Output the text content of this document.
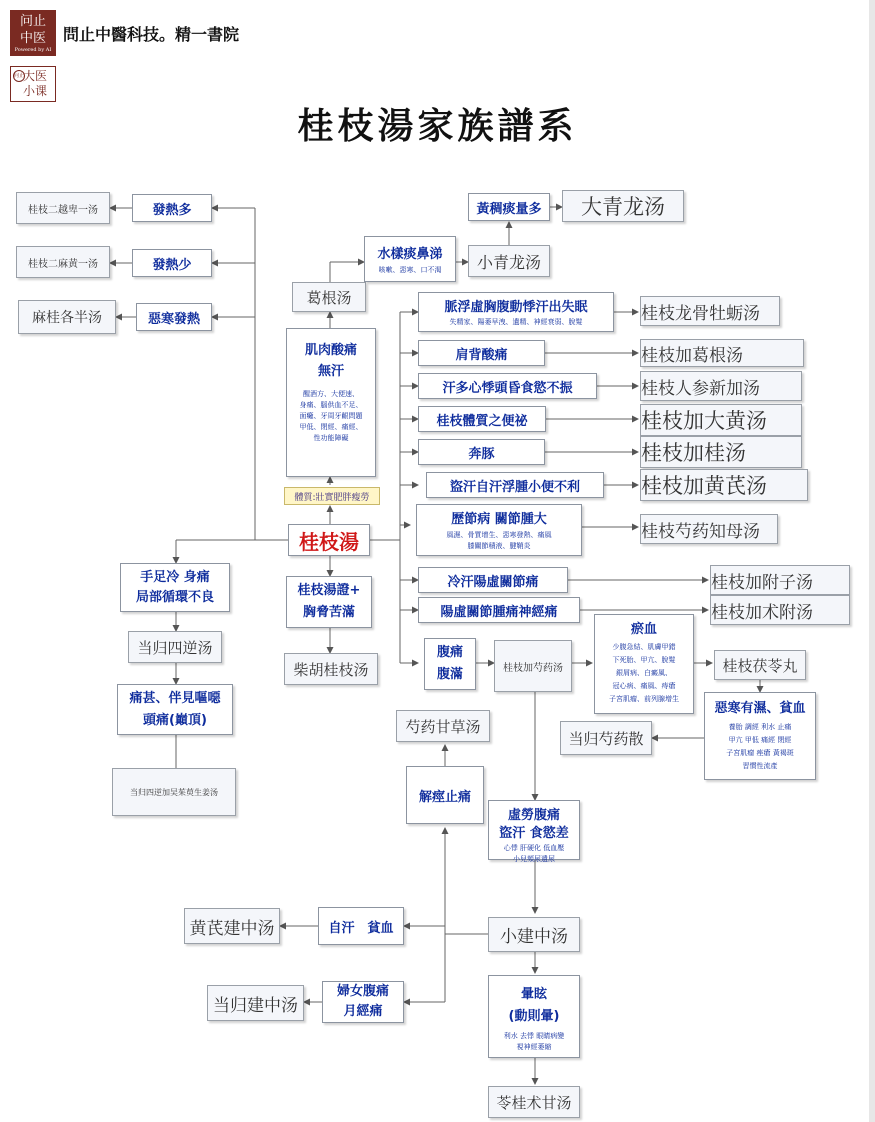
问止
中医
Powered by AI
問止中醫科技。精一書院
问止
大医
小课
桂枝湯家族譜系
桂枝湯
體質:壯實肥胖瘦勞
發熱多
桂枝二越卑一汤
發熱少
桂枝二麻黄一汤
惡寒發熱
麻桂各半汤
手足冷 身痛
局部循環不良
当归四逆汤
痛甚、伴見嘔噁
頭痛(巔頂)
当归四逆加吴茱萸生姜汤
葛根汤
肌肉酸痛
無汗
醒酒方、大便速、
身痛、腦供血不足、
面癱、牙周牙齦問題
甲低、閉經、痛經、
性功能障礙
水樣痰鼻涕
咳嗽、惡寒、口不渴 小青龙汤
黃稠痰量多 大青龙汤
桂枝湯證+
胸脅苦滿
柴胡桂枝汤
脈浮虛胸腹動悸汗出失眠
失精家、陽萎早洩、遺精、神經衰弱、脫髮	桂枝龙骨牡蛎汤
肩背酸痛	桂枝加葛根汤
汗多心悸頭昏食慾不振	桂枝人参新加汤
桂枝體質之便祕	桂枝加大黄汤
奔豚	桂枝加桂汤
盜汗自汗浮腫小便不利	桂枝加黄芪汤
歷節病 關節腫大
風濕、骨質增生、惡寒發熱、痛風
膝關節積液、腱鞘炎
桂枝芍药知母汤
冷汗陽虛關節痛	桂枝加附子汤
陽虛關節腫痛神經痛	桂枝加术附汤
腹痛
腹滿	桂枝加芍药汤
瘀血
少腹急結、肌膚甲錯
下死胎、甲亢、脫髮
銀屑病、白癜風、
冠心病、痛風、痔瘡
子宮肌瘤、前列腺增生
桂枝茯苓丸
惡寒有濕、貧血
養胎 調經 利水 止痛
甲亢 甲低 痛經 閉經
子宮肌瘤 痤瘡 黃褐斑
習慣性流產
当归芍药散
芍药甘草汤
解痙止痛
虛勞腹痛
盜汗 食慾差
心悸 肝硬化 低血壓
小兒頻尿遺尿
小建中汤
自汗　貧血
黄芪建中汤
婦女腹痛
月經痛
当归建中汤
暈眩
(動則暈)
利水 去悸 眼睛病變
視神經萎縮
苓桂术甘汤
